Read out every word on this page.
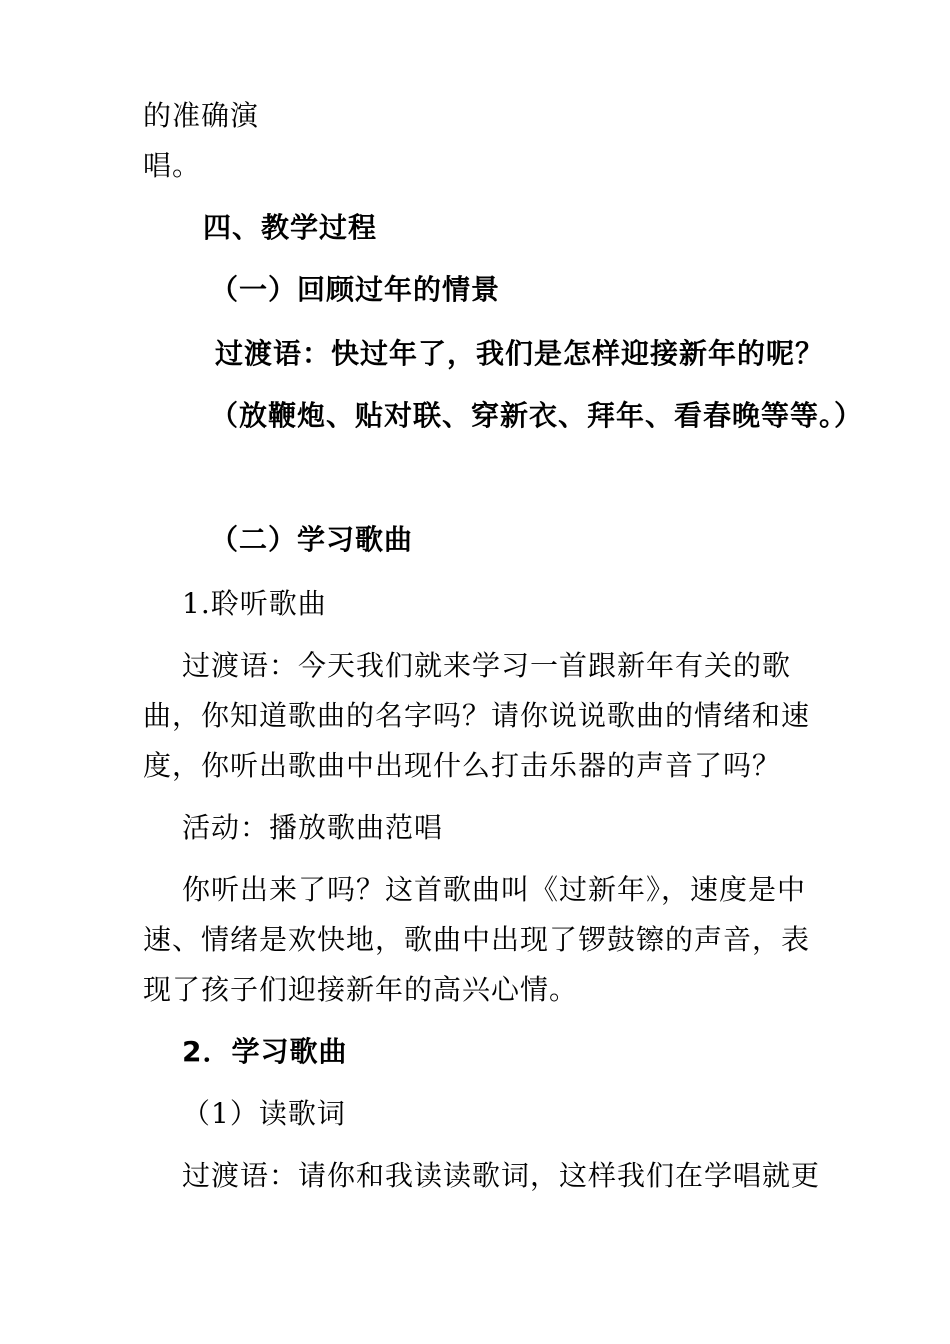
的准确演
唱。
四、教学过程
（一）回顾过年的情景
过渡语：快过年了，我们是怎样迎接新年的呢？
（放鞭炮、贴对联、穿新衣、拜年、看春晚等等。）
（二）学习歌曲
1.聆听歌曲
过渡语：今天我们就来学习一首跟新年有关的歌
曲，你知道歌曲的名字吗？请你说说歌曲的情绪和速
度，你听出歌曲中出现什么打击乐器的声音了吗？
活动：播放歌曲范唱
你听出来了吗？这首歌曲叫《过新年》，速度是中
速、情绪是欢快地，歌曲中出现了锣鼓镲的声音，表
现了孩子们迎接新年的高兴心情。
2．学习歌曲
（1）读歌词
过渡语：请你和我读读歌词，这样我们在学唱就更
